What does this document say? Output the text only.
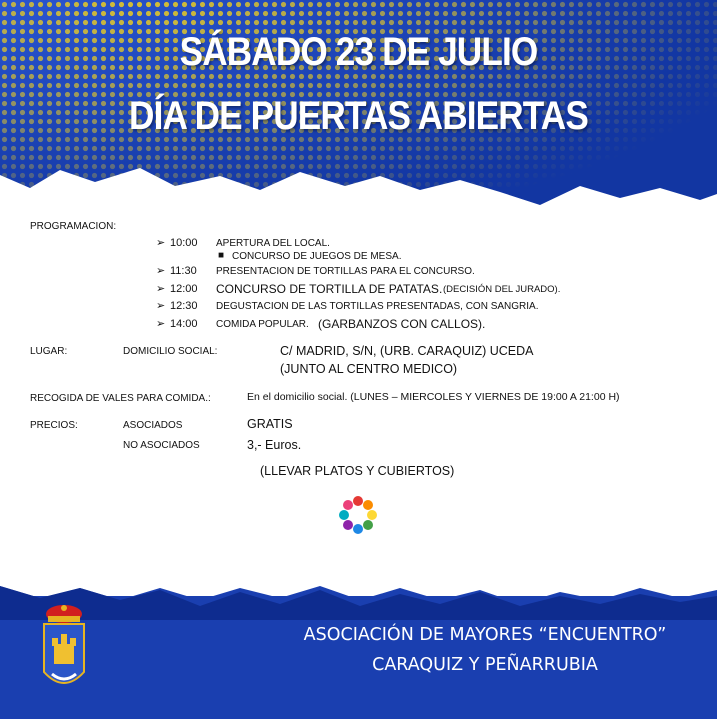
SÁBADO 23 DE JULIO
DÍA DE PUERTAS ABIERTAS
PROGRAMACION:
➢ 10:00 APERTURA DEL LOCAL.
■ CONCURSO DE JUEGOS DE MESA.
➢ 11:30 PRESENTACION DE TORTILLAS PARA EL CONCURSO.
➢ 12:00 CONCURSO DE TORTILLA DE PATATAS. (DECISIÓN DEL JURADO).
➢ 12:30 DEGUSTACION DE LAS TORTILLAS PRESENTADAS, CON SANGRIA.
➢ 14:00 COMIDA POPULAR. (GARBANZOS CON CALLOS).
LUGAR:	DOMICILIO SOCIAL:	C/ MADRID, S/N, (URB. CARAQUIZ) UCEDA
(JUNTO AL CENTRO MEDICO)
RECOGIDA DE VALES PARA COMIDA.:	En el domicilio social. (LUNES – MIERCOLES Y VIERNES DE 19:00 A 21:00 H)
PRECIOS:	ASOCIADOS	GRATIS
NO ASOCIADOS	3,- Euros.
(LLEVAR PLATOS Y CUBIERTOS)
ASOCIACIÓN DE MAYORES “ENCUENTRO”
CARAQUIZ Y PEÑARRUBIA
